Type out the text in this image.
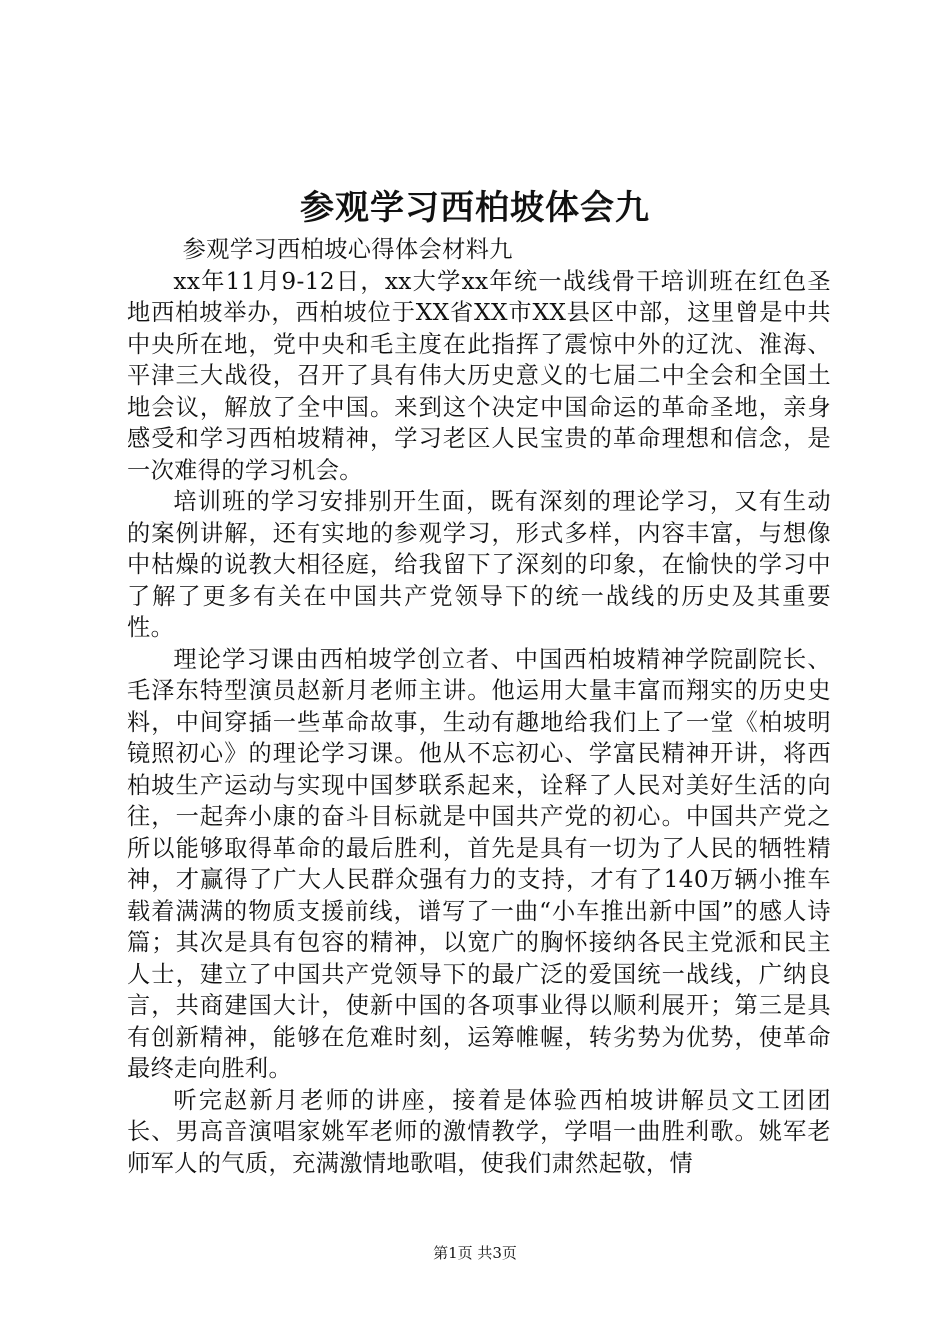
参观学习西柏坡体会九

参观学习西柏坡心得体会材料九

xx年11月9-12日，xx大学xx年统一战线骨干培训班在红色圣地西柏坡举办，西柏坡位于XX省XX市XX县区中部，这里曾是中共中央所在地，党中央和毛主度在此指挥了震惊中外的辽沈、淮海、平津三大战役，召开了具有伟大历史意义的七届二中全会和全国土地会议，解放了全中国。来到这个决定中国命运的革命圣地，亲身感受和学习西柏坡精神，学习老区人民宝贵的革命理想和信念，是一次难得的学习机会。

培训班的学习安排别开生面，既有深刻的理论学习，又有生动的案例讲解，还有实地的参观学习，形式多样，内容丰富，与想像中枯燥的说教大相径庭，给我留下了深刻的印象，在愉快的学习中了解了更多有关在中国共产党领导下的统一战线的历史及其重要性。

理论学习课由西柏坡学创立者、中国西柏坡精神学院副院长、毛泽东特型演员赵新月老师主讲。他运用大量丰富而翔实的历史史料，中间穿插一些革命故事，生动有趣地给我们上了一堂《柏坡明镜照初心》的理论学习课。他从不忘初心、学富民精神开讲，将西柏坡生产运动与实现中国梦联系起来，诠释了人民对美好生活的向往，一起奔小康的奋斗目标就是中国共产党的初心。中国共产党之所以能够取得革命的最后胜利，首先是具有一切为了人民的牺牲精神，才赢得了广大人民群众强有力的支持，才有了140万辆小推车载着满满的物质支援前线，谱写了一曲“小车推出新中国”的感人诗篇；其次是具有包容的精神，以宽广的胸怀接纳各民主党派和民主人士，建立了中国共产党领导下的最广泛的爱国统一战线，广纳良言，共商建国大计，使新中国的各项事业得以顺利展开；第三是具有创新精神，能够在危难时刻，运筹帷幄，转劣势为优势，使革命最终走向胜利。

听完赵新月老师的讲座，接着是体验西柏坡讲解员文工团团长、男高音演唱家姚军老师的激情教学，学唱一曲胜利歌。姚军老师军人的气质，充满激情地歌唱，使我们肃然起敬，情

第1页 共3页
